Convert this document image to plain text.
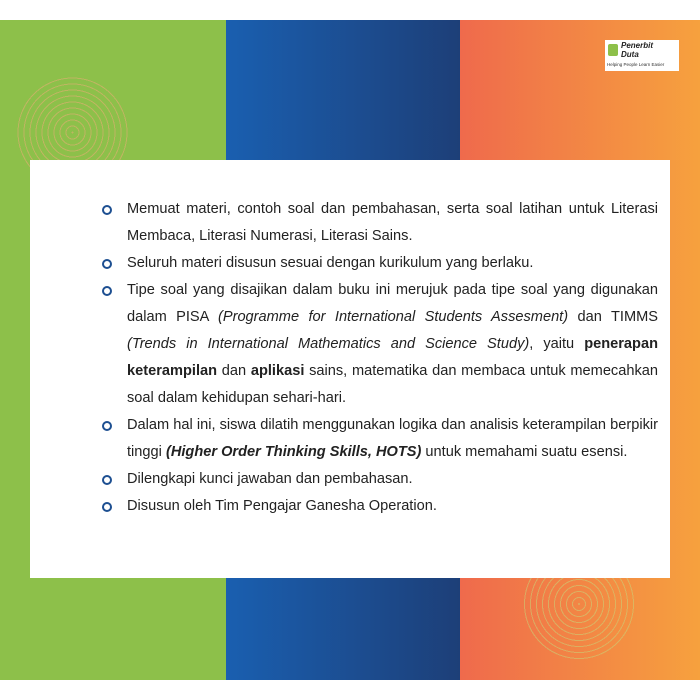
Penerbit
Duta
Helping People Learn Easier
Memuat materi, contoh soal dan pembahasan, serta soal latihan untuk Literasi Membaca, Literasi Numerasi, Literasi Sains.
Seluruh materi disusun sesuai dengan kurikulum yang berlaku.
Tipe soal yang disajikan dalam buku ini merujuk pada tipe soal yang digunakan dalam PISA (Programme for International Students Assesment) dan TIMMS (Trends in International Mathematics and Science Study), yaitu penerapan keterampilan dan aplikasi sains, matematika dan membaca untuk memecahkan soal dalam kehidupan sehari-hari.
Dalam hal ini, siswa dilatih menggunakan logika dan analisis keterampilan berpikir tinggi (Higher Order Thinking Skills, HOTS) untuk memahami suatu esensi.
Dilengkapi kunci jawaban dan pembahasan.
Disusun oleh Tim Pengajar Ganesha Operation.
